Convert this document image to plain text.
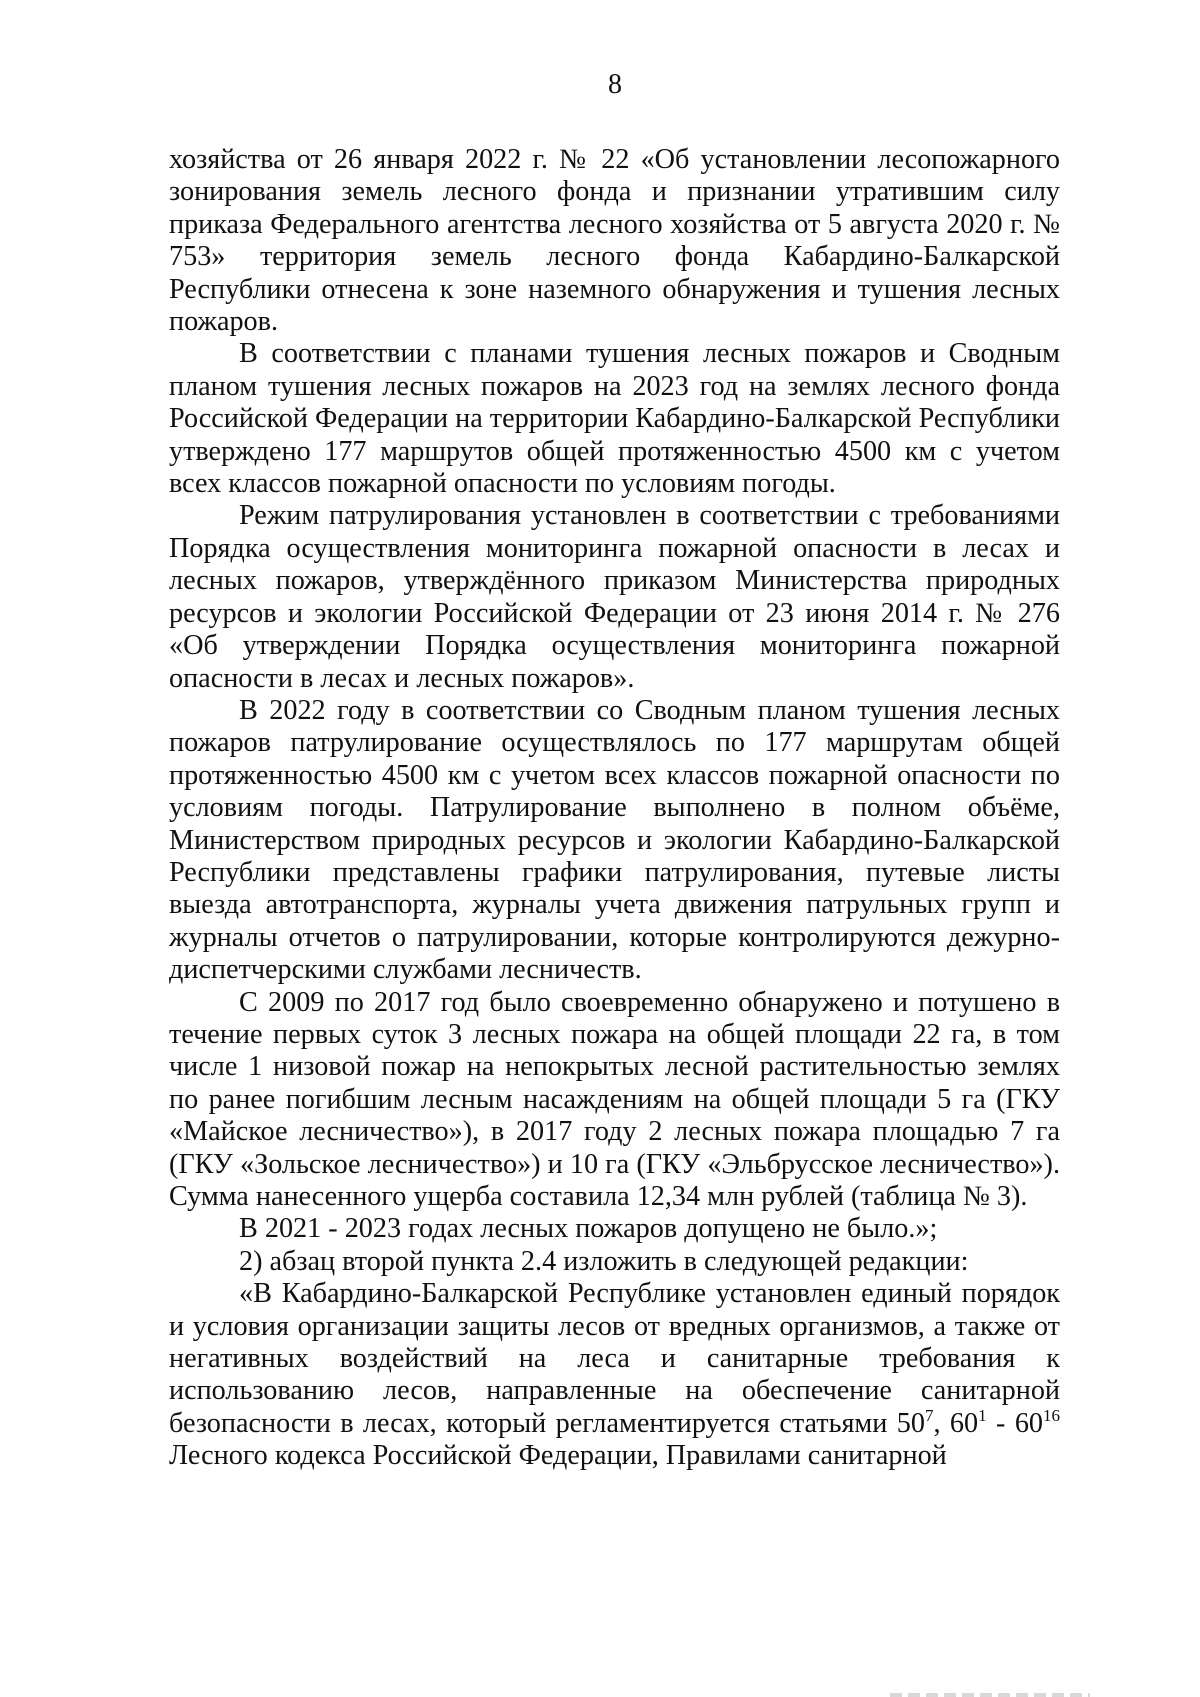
8

хозяйства от 26 января 2022 г. № 22 «Об установлении лесопожарного зонирования земель лесного фонда и признании утратившим силу приказа Федерального агентства лесного хозяйства от 5 августа 2020 г. № 753» территория земель лесного фонда Кабардино-Балкарской Республики отнесена к зоне наземного обнаружения и тушения лесных пожаров.

В соответствии с планами тушения лесных пожаров и Сводным планом тушения лесных пожаров на 2023 год на землях лесного фонда Российской Федерации на территории Кабардино-Балкарской Республики утверждено 177 маршрутов общей протяженностью 4500 км с учетом всех классов пожарной опасности по условиям погоды.

Режим патрулирования установлен в соответствии с требованиями Порядка осуществления мониторинга пожарной опасности в лесах и лесных пожаров, утверждённого приказом Министерства природных ресурсов и экологии Российской Федерации от 23 июня 2014 г. № 276 «Об утверждении Порядка осуществления мониторинга пожарной опасности в лесах и лесных пожаров».

В 2022 году в соответствии со Сводным планом тушения лесных пожаров патрулирование осуществлялось по 177 маршрутам общей протяженностью 4500 км с учетом всех классов пожарной опасности по условиям погоды. Патрулирование выполнено в полном объёме, Министерством природных ресурсов и экологии Кабардино-Балкарской Республики представлены графики патрулирования, путевые листы выезда автотранспорта, журналы учета движения патрульных групп и журналы отчетов о патрулировании, которые контролируются дежурно-диспетчерскими службами лесничеств.

С 2009 по 2017 год было своевременно обнаружено и потушено в течение первых суток 3 лесных пожара на общей площади 22 га, в том числе 1 низовой пожар на непокрытых лесной растительностью землях по ранее погибшим лесным насаждениям на общей площади 5 га (ГКУ «Майское лесничество»), в 2017 году 2 лесных пожара площадью 7 га (ГКУ «Зольское лесничество») и 10 га (ГКУ «Эльбрусское лесничество»). Сумма нанесенного ущерба составила 12,34 млн рублей (таблица № 3).

В 2021 - 2023 годах лесных пожаров допущено не было.»;

2) абзац второй пункта 2.4 изложить в следующей редакции:

«В Кабардино-Балкарской Республике установлен единый порядок и условия организации защиты лесов от вредных организмов, а также от негативных воздействий на леса и санитарные требования к использованию лесов, направленные на обеспечение санитарной безопасности в лесах, который регламентируется статьями $50^7$, $60^1 - 60^{16}$ Лесного кодекса Российской Федерации, Правилами санитарной
